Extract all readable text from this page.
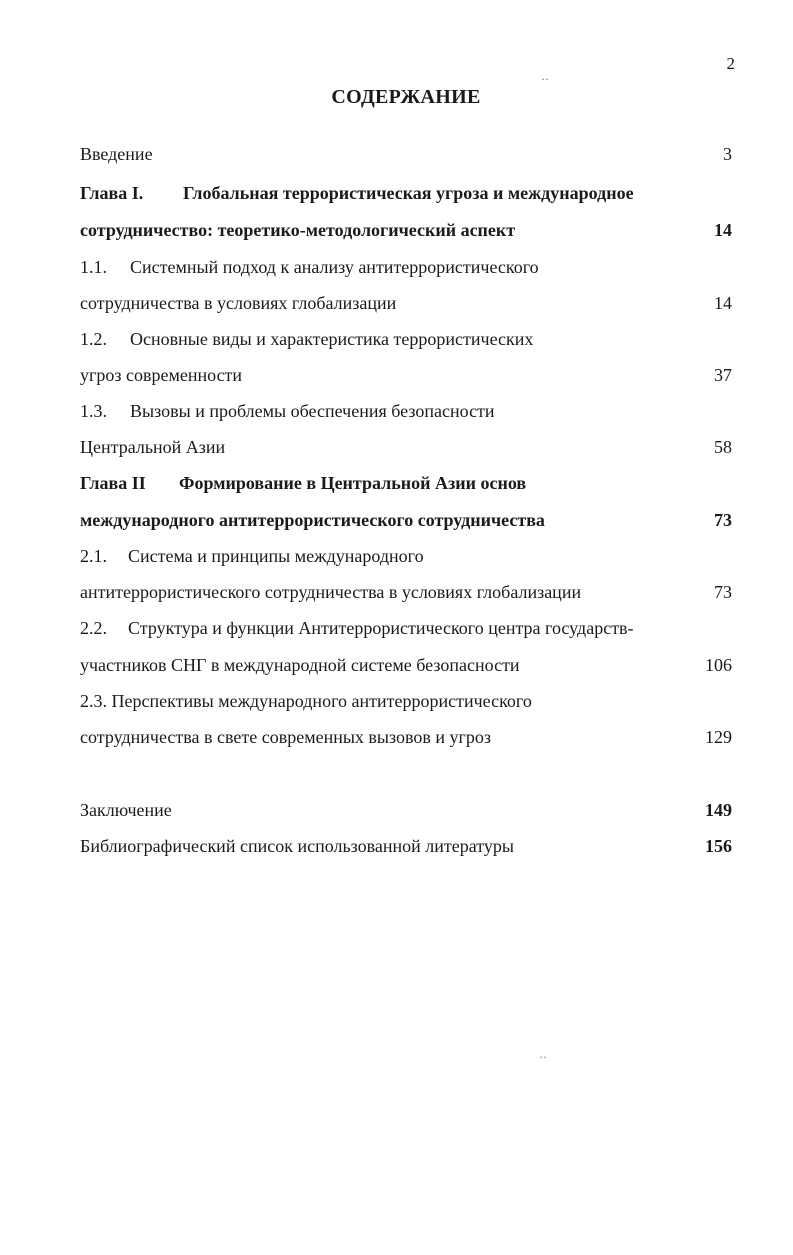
2
СОДЕРЖАНИЕ
··
··
Введение	3
Глава I. Глобальная террористическая угроза и международное
сотрудничество: теоретико-методологический аспект	14
1.1. Системный подход к анализу антитеррористического
сотрудничества в условиях глобализации	14
1.2. Основные виды и характеристика террористических
угроз современности	37
1.3. Вызовы и проблемы обеспечения безопасности
Центральной Азии	58
Глава II Формирование в Центральной Азии основ
международного антитеррористического сотрудничества	73
2.1. Система и принципы международного
антитеррористического сотрудничества в условиях глобализации	73
2.2. Структура и функции Антитеррористического центра государств-
участников СНГ в международной системе безопасности	106
2.3. Перспективы международного антитеррористического
сотрудничества в свете современных вызовов и угроз	129
Заключение	149
Библиографический список использованной литературы	156
